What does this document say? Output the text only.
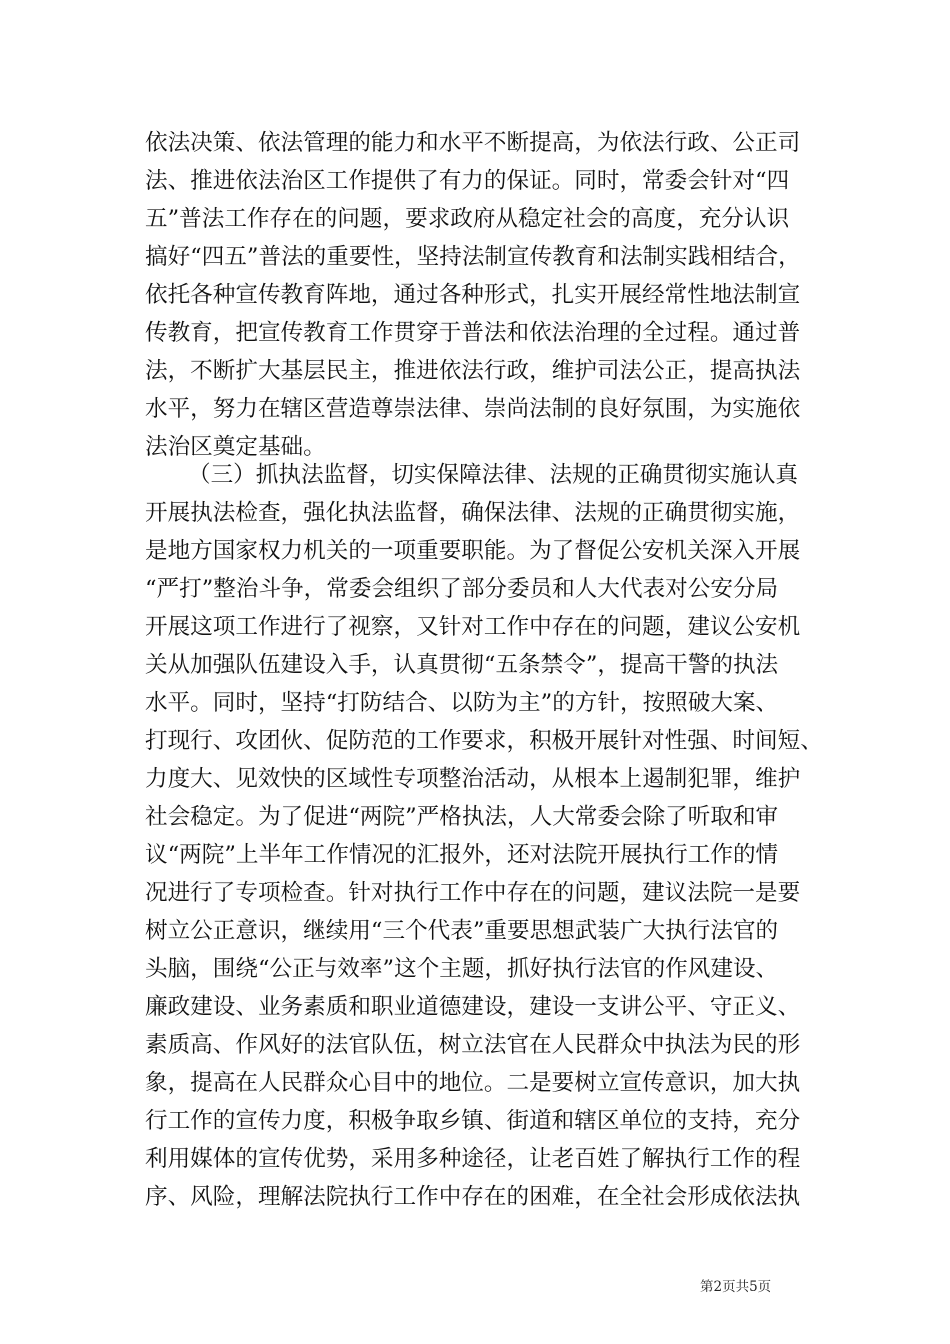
依法决策、依法管理的能力和水平不断提高，为依法行政、公正司
法、推进依法治区工作提供了有力的保证。同时，常委会针对“四
五”普法工作存在的问题，要求政府从稳定社会的高度，充分认识
搞好“四五”普法的重要性，坚持法制宣传教育和法制实践相结合，
依托各种宣传教育阵地，通过各种形式，扎实开展经常性地法制宣
传教育，把宣传教育工作贯穿于普法和依法治理的全过程。通过普
法，不断扩大基层民主，推进依法行政，维护司法公正，提高执法
水平，努力在辖区营造尊崇法律、崇尚法制的良好氛围，为实施依
法治区奠定基础。
（三）抓执法监督，切实保障法律、法规的正确贯彻实施认真
开展执法检查，强化执法监督，确保法律、法规的正确贯彻实施，
是地方国家权力机关的一项重要职能。为了督促公安机关深入开展
“严打”整治斗争，常委会组织了部分委员和人大代表对公安分局
开展这项工作进行了视察，又针对工作中存在的问题，建议公安机
关从加强队伍建设入手，认真贯彻“五条禁令”，提高干警的执法
水平。同时，坚持“打防结合、以防为主”的方针，按照破大案、
打现行、攻团伙、促防范的工作要求，积极开展针对性强、时间短、
力度大、见效快的区域性专项整治活动，从根本上遏制犯罪，维护
社会稳定。为了促进“两院”严格执法，人大常委会除了听取和审
议“两院”上半年工作情况的汇报外，还对法院开展执行工作的情
况进行了专项检查。针对执行工作中存在的问题，建议法院一是要
树立公正意识，继续用“三个代表”重要思想武装广大执行法官的
头脑，围绕“公正与效率”这个主题，抓好执行法官的作风建设、
廉政建设、业务素质和职业道德建设，建设一支讲公平、守正义、
素质高、作风好的法官队伍，树立法官在人民群众中执法为民的形
象，提高在人民群众心目中的地位。二是要树立宣传意识，加大执
行工作的宣传力度，积极争取乡镇、街道和辖区单位的支持，充分
利用媒体的宣传优势，采用多种途径，让老百姓了解执行工作的程
序、风险，理解法院执行工作中存在的困难，在全社会形成依法执
第2页共5页
